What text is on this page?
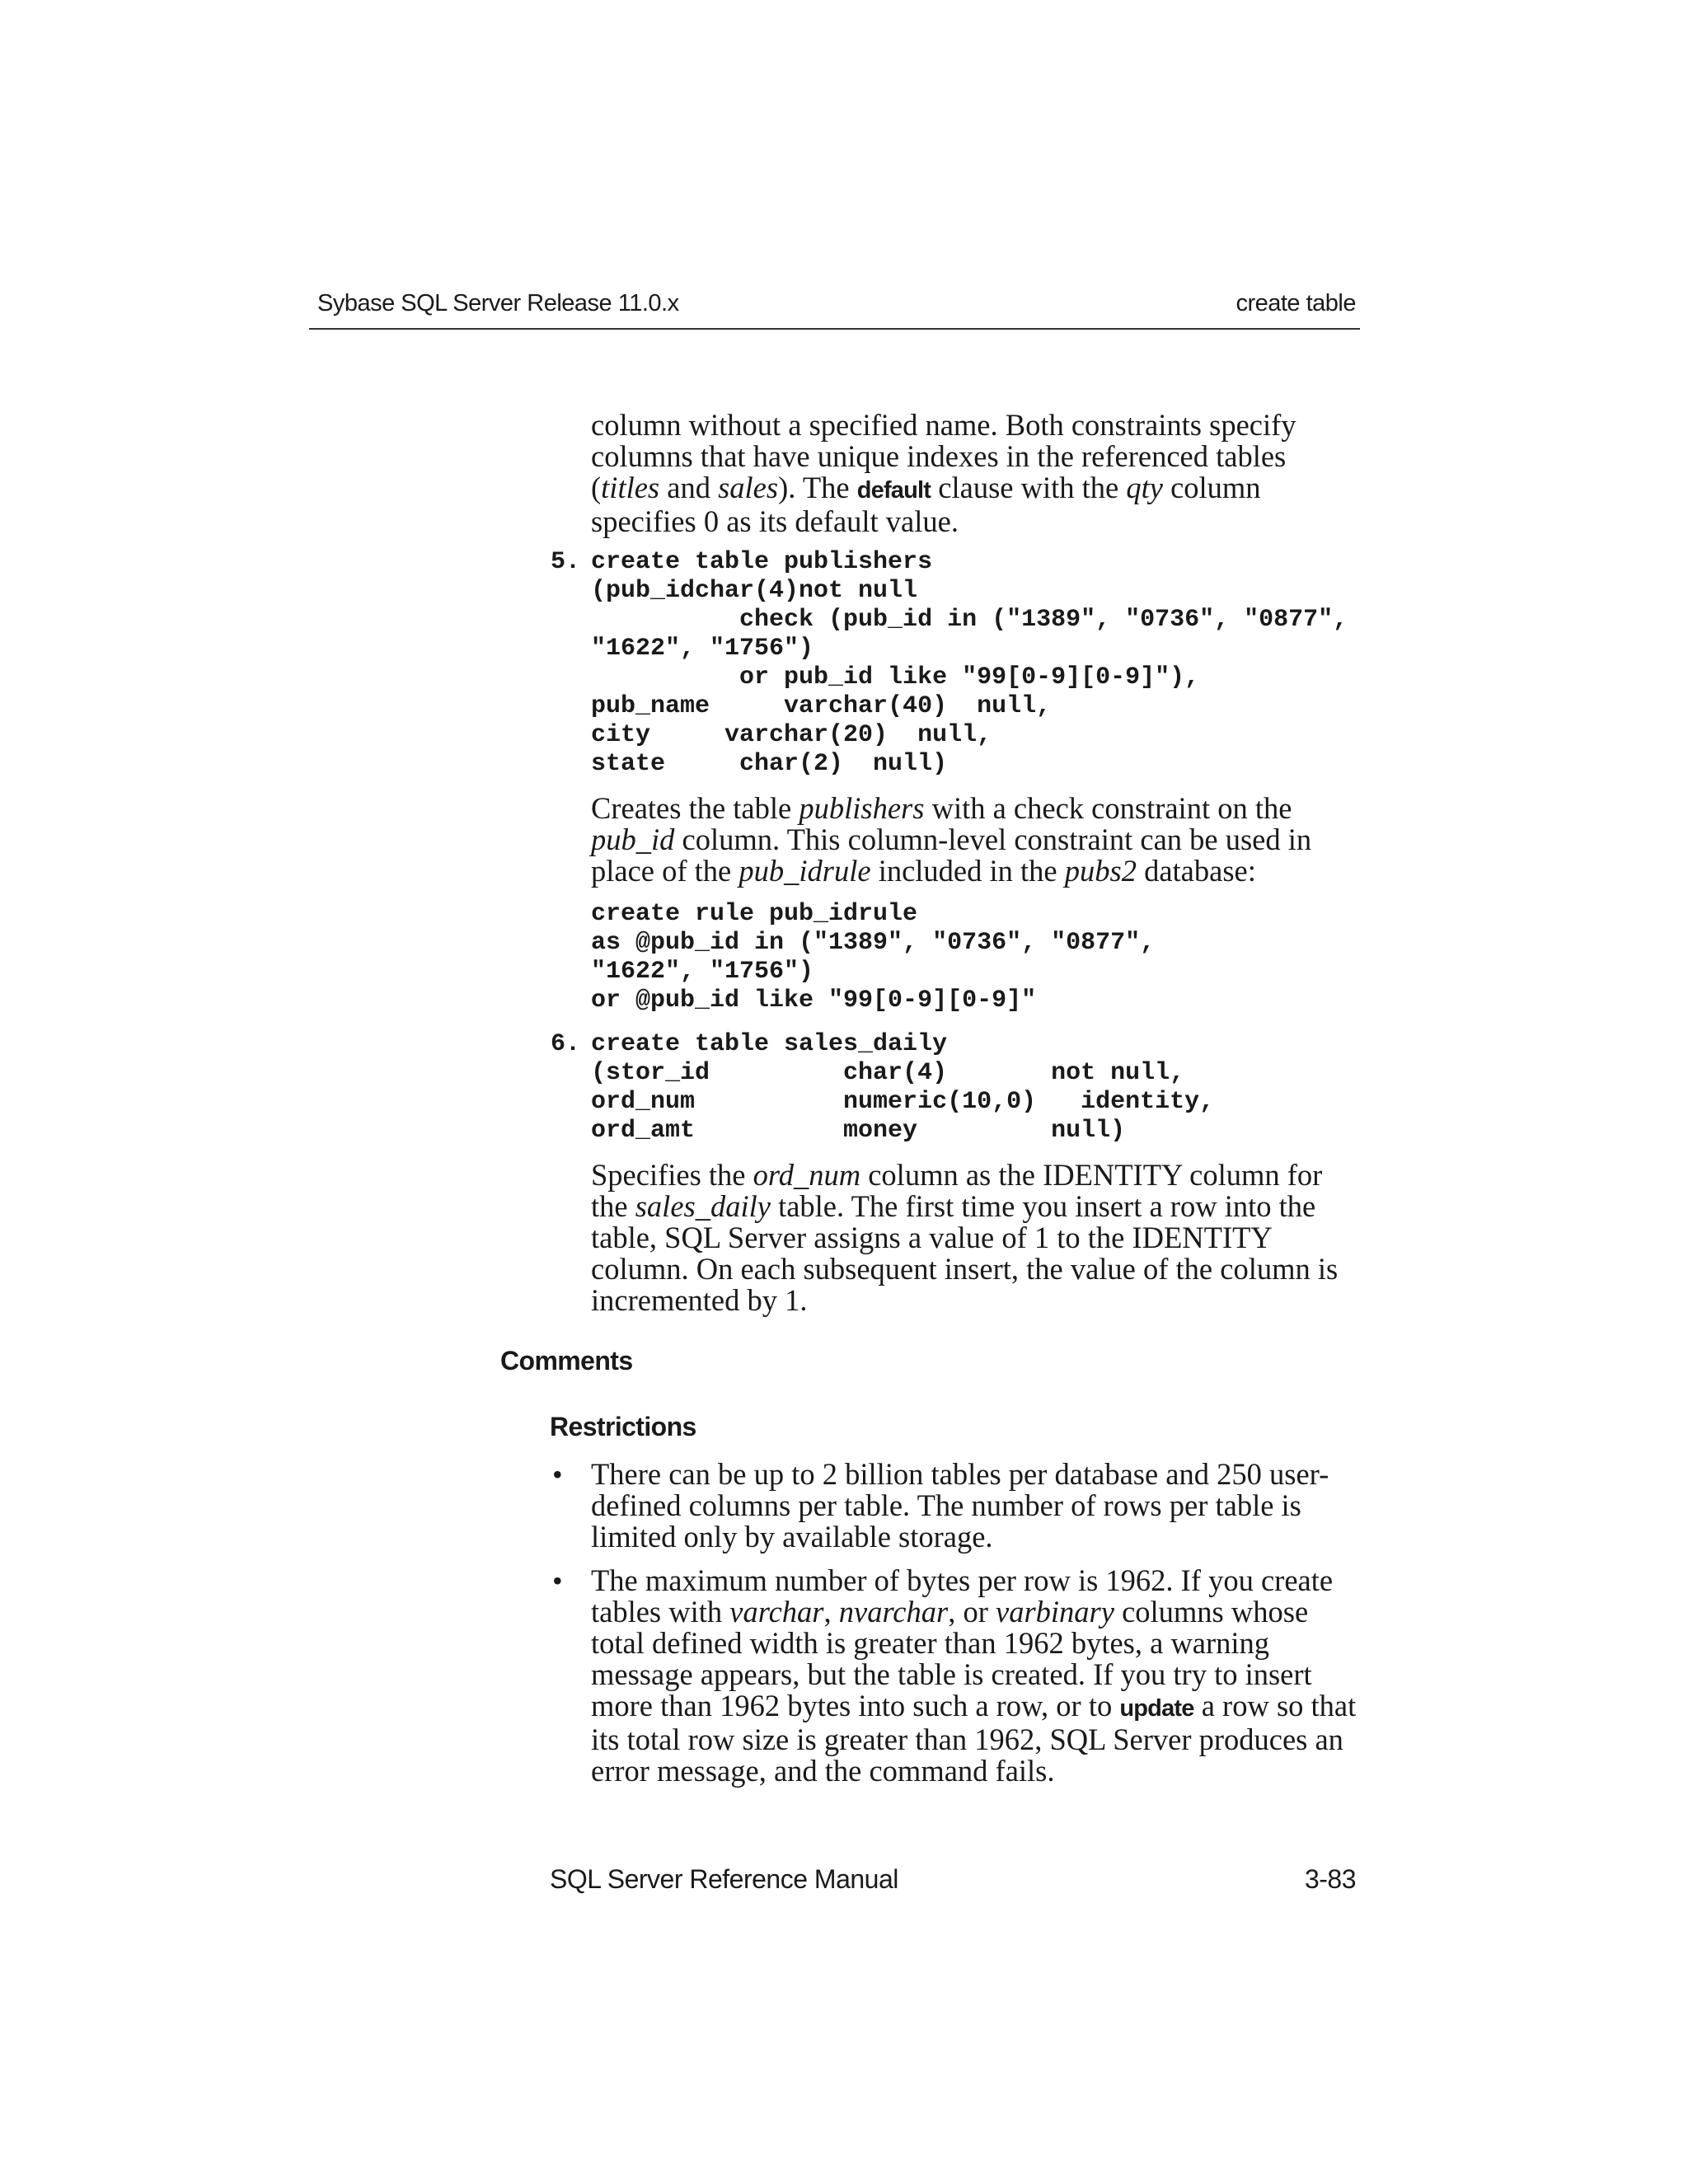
Sybase SQL Server Release 11.0.x	create table

column without a specified name. Both constraints specify columns that have unique indexes in the referenced tables (titles and sales). The default clause with the qty column specifies 0 as its default value.

5. create table publishers
(pub_idchar(4)not null
check (pub_id in ("1389", "0736", "0877",
"1622", "1756")
or pub_id like "99[0-9][0-9]"),
pub_name     varchar(40)  null,
city     varchar(20)  null,
state     char(2)  null)

Creates the table publishers with a check constraint on the pub_id column. This column-level constraint can be used in place of the pub_idrule included in the pubs2 database:

create rule pub_idrule
as @pub_id in ("1389", "0736", "0877",
"1622", "1756")
or @pub_id like "99[0-9][0-9]"
6. create table sales_daily
(stor_id         char(4)       not null,
ord_num          numeric(10,0)   identity,
ord_amt          money         null)

Specifies the ord_num column as the IDENTITY column for the sales_daily table. The first time you insert a row into the table, SQL Server assigns a value of 1 to the IDENTITY column. On each subsequent insert, the value of the column is incremented by 1.

Comments
Restrictions
• There can be up to 2 billion tables per database and 250 user-defined columns per table. The number of rows per table is limited only by available storage.

• The maximum number of bytes per row is 1962. If you create tables with varchar, nvarchar, or varbinary columns whose total defined width is greater than 1962 bytes, a warning message appears, but the table is created. If you try to insert more than 1962 bytes into such a row, or to update a row so that its total row size is greater than 1962, SQL Server produces an error message, and the command fails.

SQL Server Reference Manual	3-83
